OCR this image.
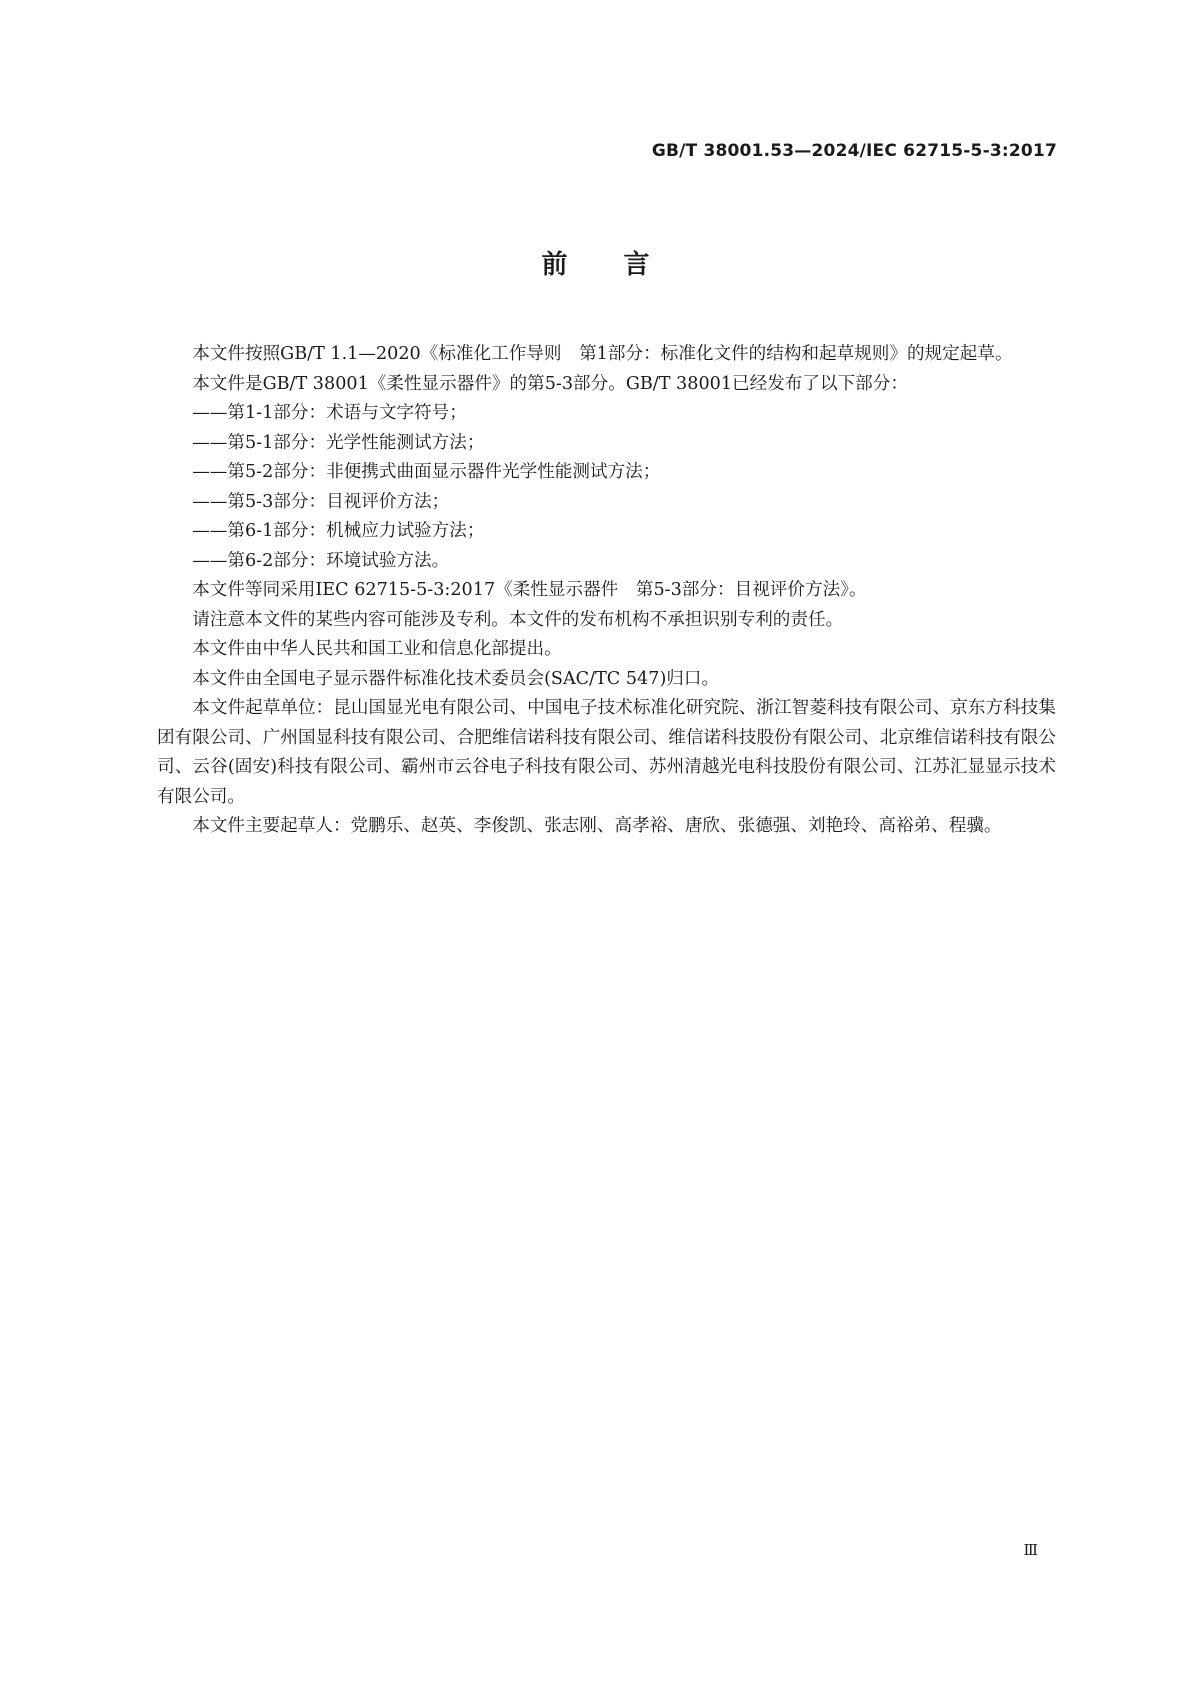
GB/T 38001.53—2024/IEC 62715-5-3:2017
前言

本文件按照GB/T 1.1—2020《标准化工作导则　第1部分：标准化文件的结构和起草规则》的规定起草。

本文件是GB/T 38001《柔性显示器件》的第5-3部分。GB/T 38001已经发布了以下部分：

——第1-1部分：术语与文字符号；

——第5-1部分：光学性能测试方法；

——第5-2部分：非便携式曲面显示器件光学性能测试方法；

——第5-3部分：目视评价方法；

——第6-1部分：机械应力试验方法；

——第6-2部分：环境试验方法。

本文件等同采用IEC 62715-5-3:2017《柔性显示器件　第5-3部分：目视评价方法》。

请注意本文件的某些内容可能涉及专利。本文件的发布机构不承担识别专利的责任。

本文件由中华人民共和国工业和信息化部提出。

本文件由全国电子显示器件标准化技术委员会(SAC/TC 547)归口。

本文件起草单位：昆山国显光电有限公司、中国电子技术标准化研究院、浙江智菱科技有限公司、京东方科技集团有限公司、广州国显科技有限公司、合肥维信诺科技有限公司、维信诺科技股份有限公司、北京维信诺科技有限公司、云谷(固安)科技有限公司、霸州市云谷电子科技有限公司、苏州清越光电科技股份有限公司、江苏汇显显示技术有限公司。

本文件主要起草人：党鹏乐、赵英、李俊凯、张志刚、高孝裕、唐欣、张德强、刘艳玲、高裕弟、程骥。

Ⅲ
